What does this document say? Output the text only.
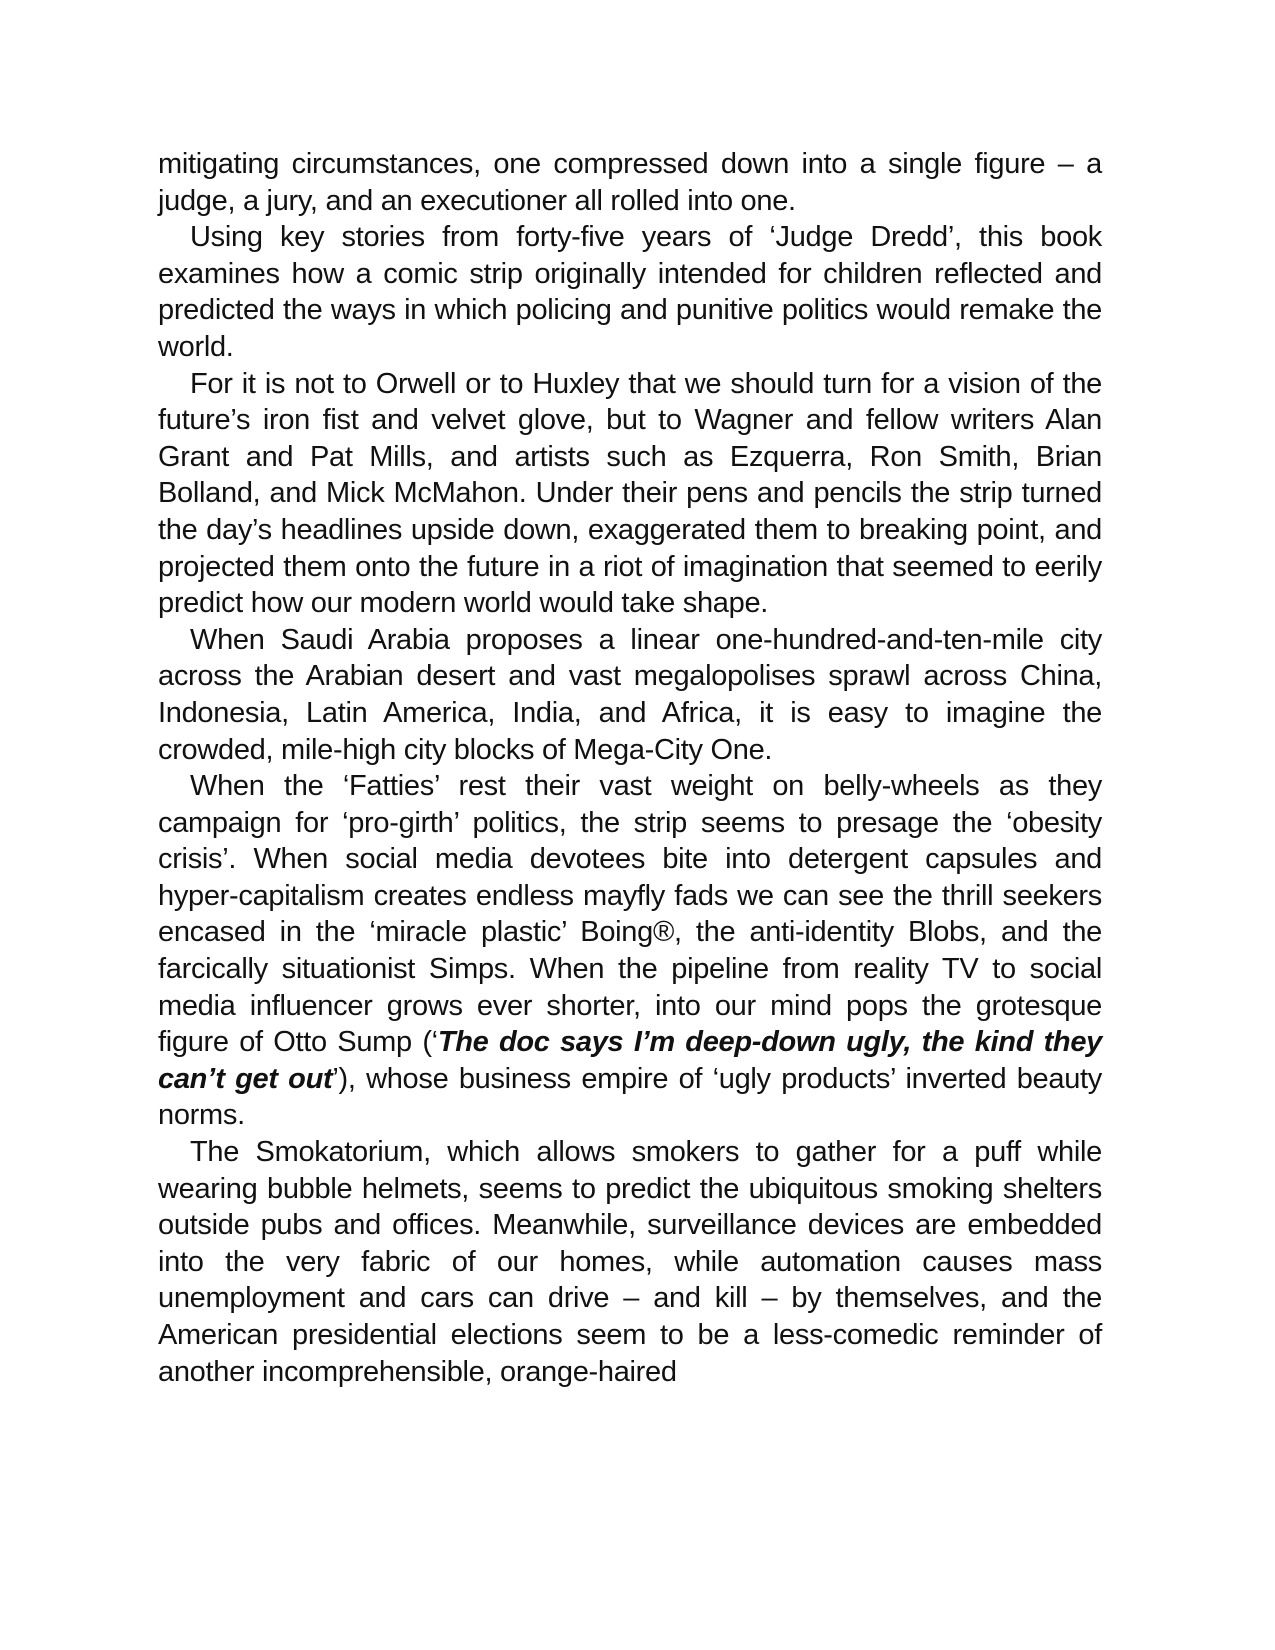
mitigating circumstances, one compressed down into a single figure – a judge, a jury, and an executioner all rolled into one.

Using key stories from forty-five years of ‘Judge Dredd’, this book examines how a comic strip originally intended for children reflected and predicted the ways in which policing and punitive politics would remake the world.

For it is not to Orwell or to Huxley that we should turn for a vision of the future’s iron fist and velvet glove, but to Wagner and fellow writers Alan Grant and Pat Mills, and artists such as Ezquerra, Ron Smith, Brian Bolland, and Mick McMahon. Under their pens and pencils the strip turned the day’s headlines upside down, exaggerated them to breaking point, and projected them onto the future in a riot of imagination that seemed to eerily predict how our modern world would take shape.

When Saudi Arabia proposes a linear one-hundred-and-ten-mile city across the Arabian desert and vast megalopolises sprawl across China, Indonesia, Latin America, India, and Africa, it is easy to imagine the crowded, mile-high city blocks of Mega-City One.

When the ‘Fatties’ rest their vast weight on belly-wheels as they campaign for ‘pro-girth’ politics, the strip seems to presage the ‘obesity crisis’. When social media devotees bite into detergent capsules and hyper-capitalism creates endless mayfly fads we can see the thrill seekers encased in the ‘miracle plastic’ Boing®, the anti-identity Blobs, and the farcically situationist Simps. When the pipeline from reality TV to social media influencer grows ever shorter, into our mind pops the grotesque figure of Otto Sump (‘The doc says I’m deep-down ugly, the kind they can’t get out’), whose business empire of ‘ugly products’ inverted beauty norms.

The Smokatorium, which allows smokers to gather for a puff while wearing bubble helmets, seems to predict the ubiquitous smoking shelters outside pubs and offices. Meanwhile, surveillance devices are embedded into the very fabric of our homes, while automation causes mass unemployment and cars can drive – and kill – by themselves, and the American presidential elections seem to be a less-comedic reminder of another incomprehensible, orange-haired
